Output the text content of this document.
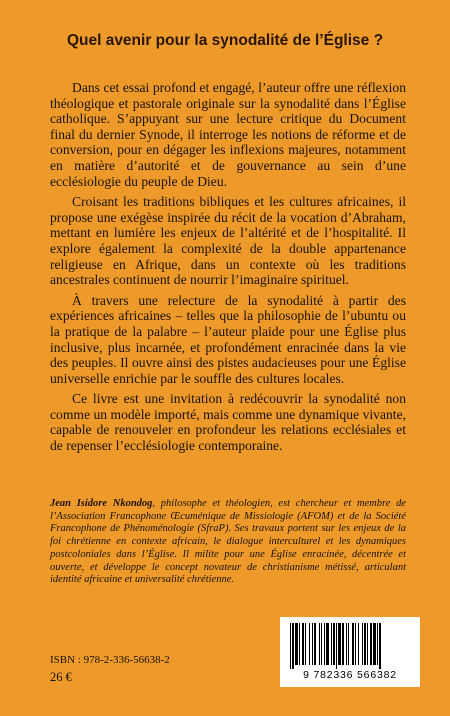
Quel avenir pour la synodalité de l’Église ?

Dans cet essai profond et engagé, l’auteur offre une réflexion théologique et pastorale originale sur la synodalité dans l’Église catholique. S’appuyant sur une lecture critique du Document final du dernier Synode, il interroge les notions de réforme et de conversion, pour en dégager les inflexions majeures, notamment en matière d’autorité et de gouvernance au sein d’une ecclésiologie du peuple de Dieu.

Croisant les traditions bibliques et les cultures africaines, il propose une exégèse inspirée du récit de la vocation d’Abraham, mettant en lumière les enjeux de l’altérité et de l’hospitalité. Il explore également la complexité de la double appartenance religieuse en Afrique, dans un contexte où les traditions ancestrales continuent de nourrir l’imaginaire spirituel.

À travers une relecture de la synodalité à partir des expériences africaines – telles que la philosophie de l’ubuntu ou la pratique de la palabre – l’auteur plaide pour une Église plus inclusive, plus incarnée, et profondément enracinée dans la vie des peuples. Il ouvre ainsi des pistes audacieuses pour une Église universelle enrichie par le souffle des cultures locales.

Ce livre est une invitation à redécouvrir la synodalité non comme un modèle importé, mais comme une dynamique vivante, capable de renouveler en profondeur les relations ecclésiales et de repenser l’ecclésiologie contemporaine.

Jean Isidore Nkondog, philosophe et théologien, est chercheur et membre de l’Association Francophone Œcuménique de Missiologie (AFOM) et de la Société Francophone de Phénoménologie (SfraP). Ses travaux portent sur les enjeux de la foi chrétienne en contexte africain, le dialogue interculturel et les dynamiques postcoloniales dans l’Église. Il milite pour une Église enracinée, décentrée et ouverte, et développe le concept novateur de christianisme métissé, articulant identité africaine et universalité chrétienne.

ISBN : 978-2-336-56638-2

26 €	9 782336 566382
